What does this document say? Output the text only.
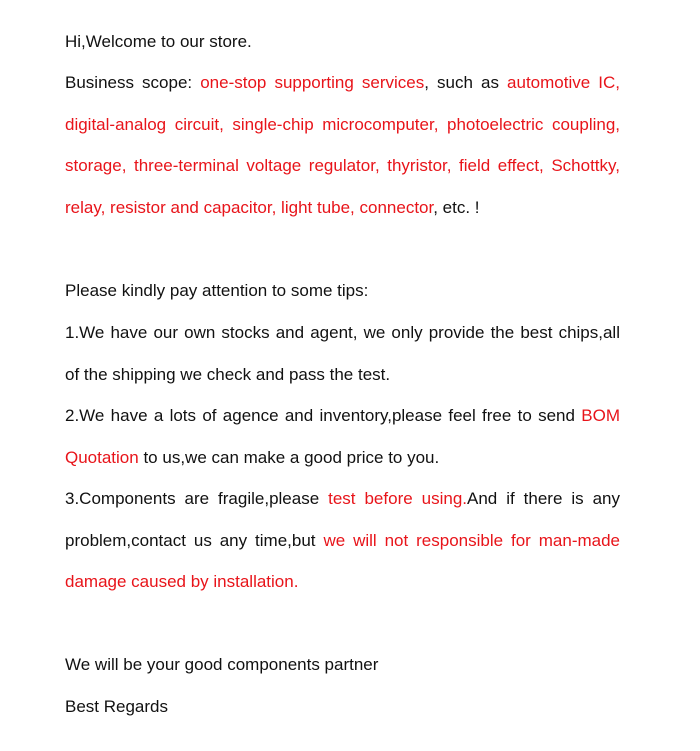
Hi,Welcome to our store.

Business scope: one-stop supporting services, such as automotive IC, digital-analog circuit, single-chip microcomputer, photoelectric coupling, storage, three-terminal voltage regulator, thyristor, field effect, Schottky, relay, resistor and capacitor, light tube, connector, etc. !

Please kindly pay attention to some tips:

1.We have our own stocks and agent, we only provide the best chips,all of the shipping we check and pass the test.

2.We have a lots of agence and inventory,please feel free to send BOM Quotation to us,we can make a good price to you.

3.Components are fragile,please test before using.And if there is any problem,contact us any time,but we will not responsible for man-made damage caused by installation.

We will be your good components partner

Best Regards
